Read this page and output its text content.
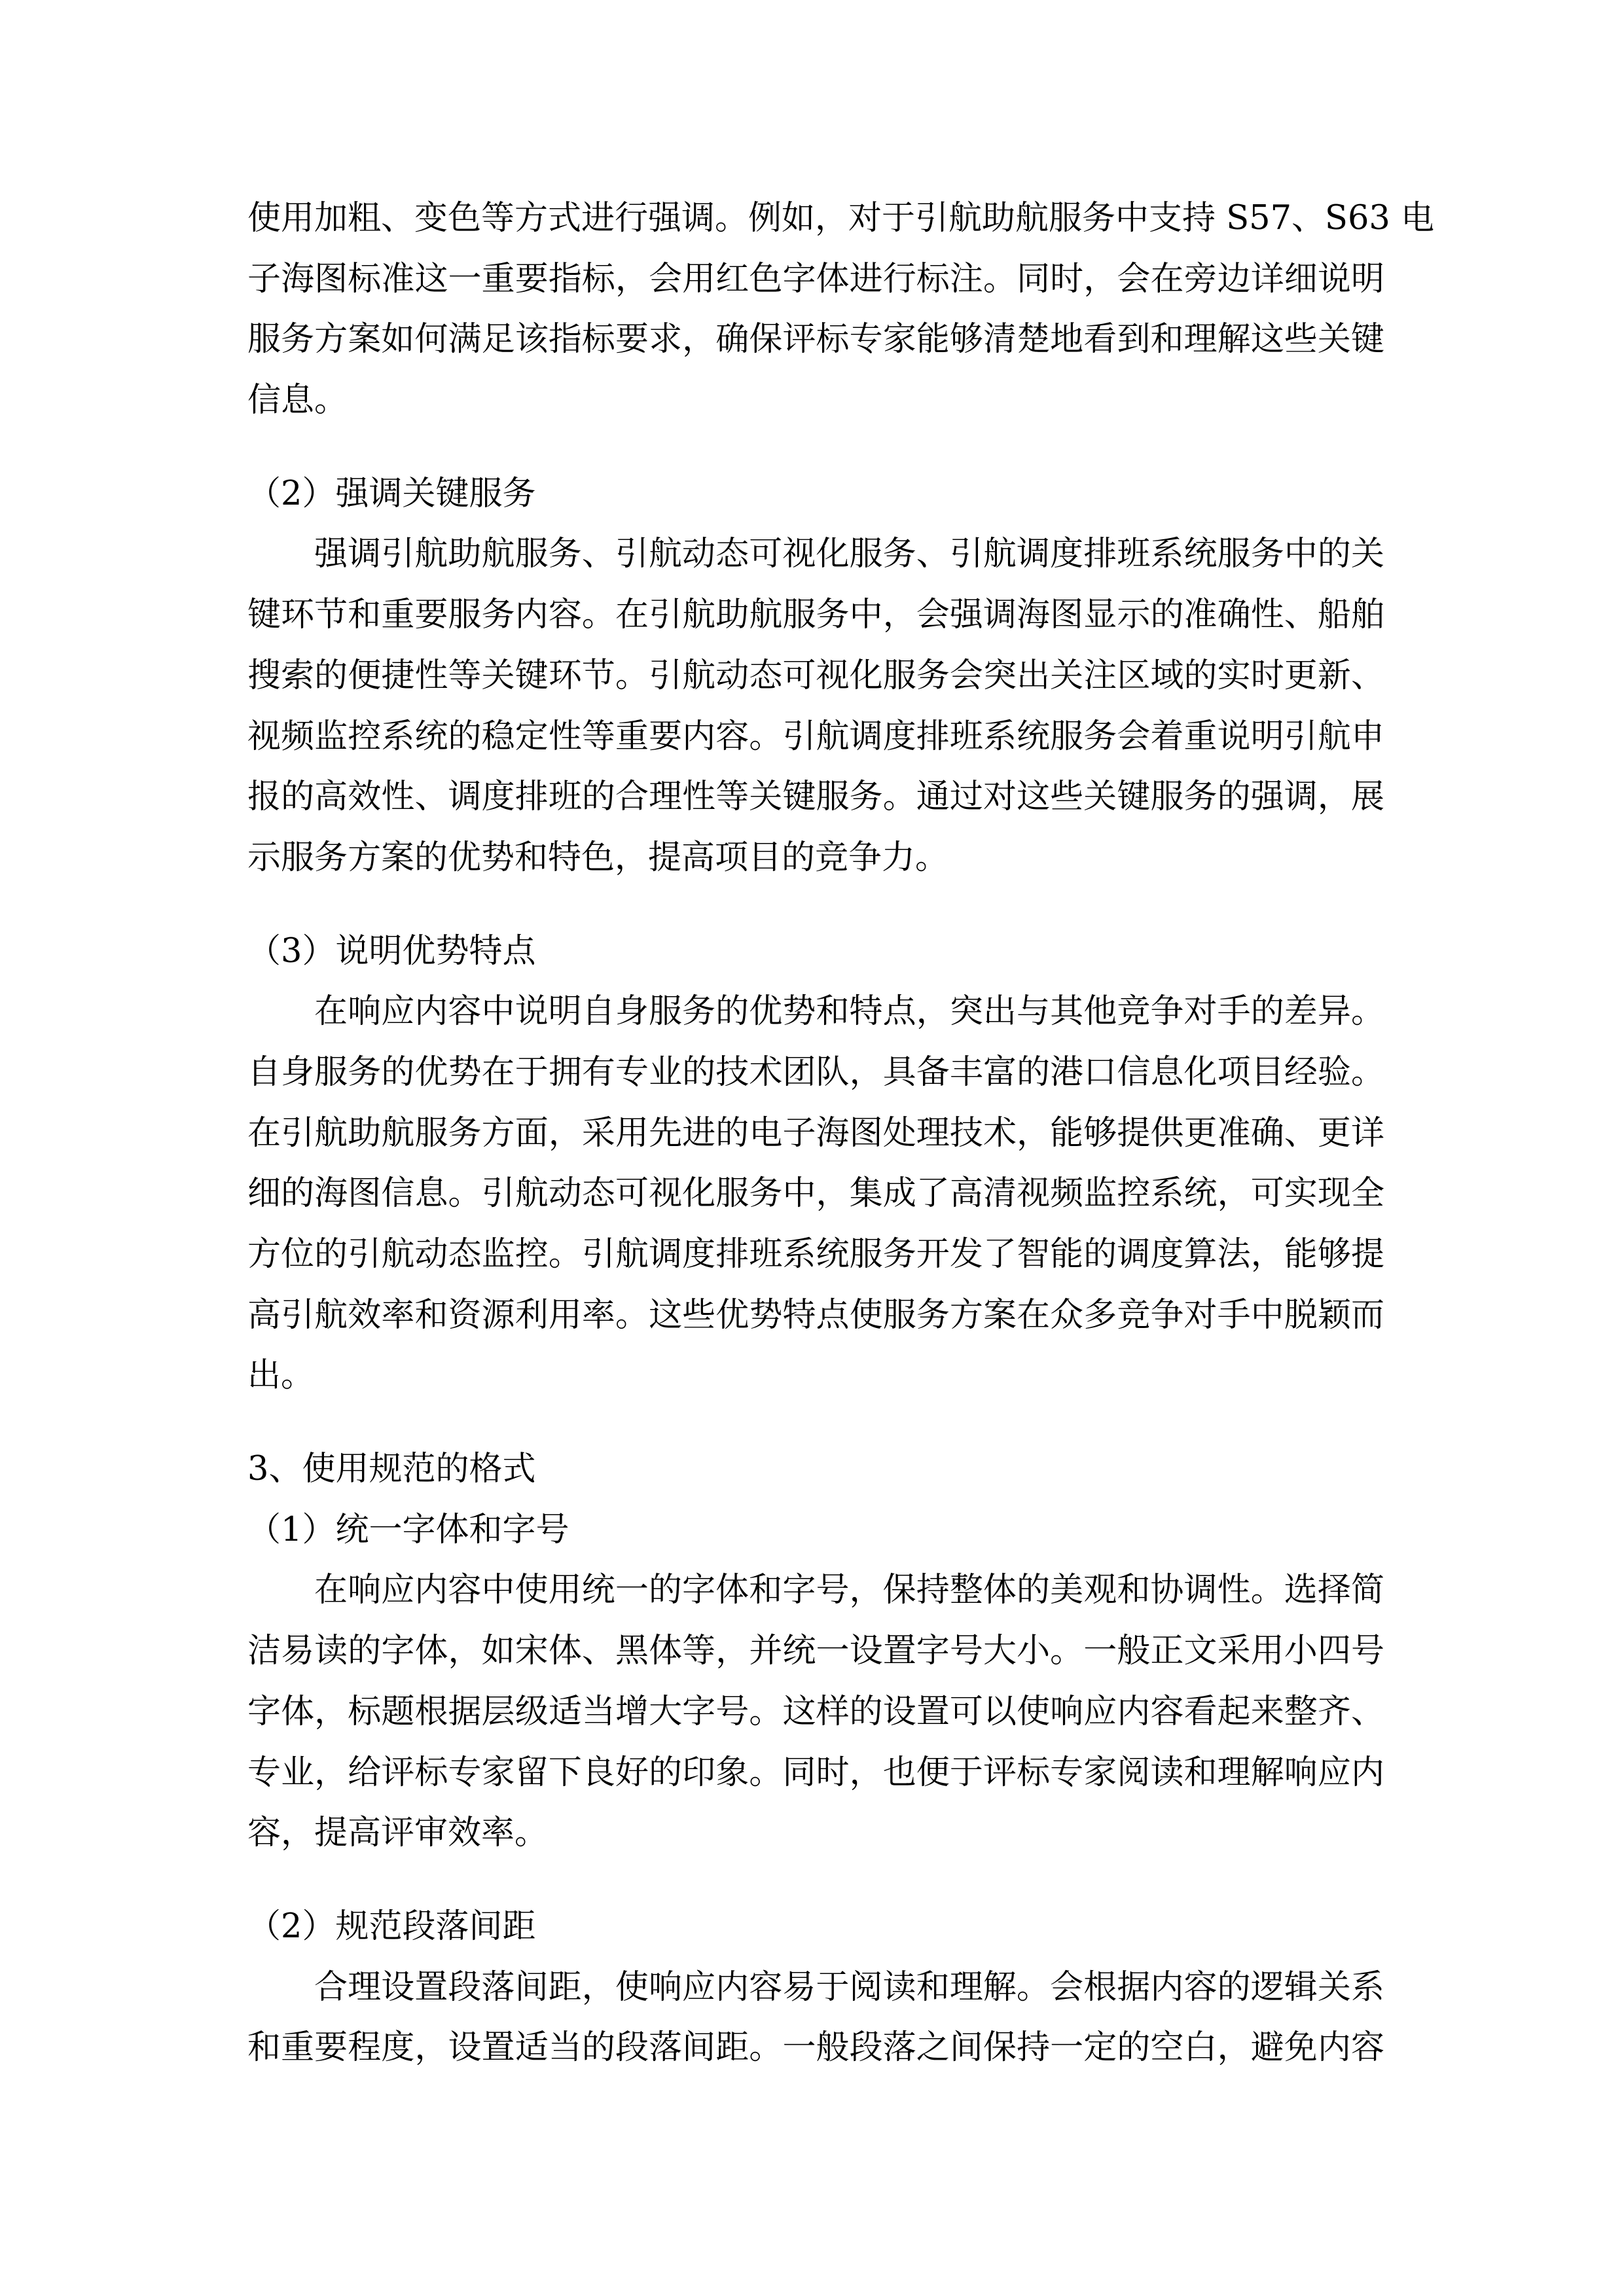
使用加粗、变色等方式进行强调。例如，对于引航助航服务中支持 S57、S63 电
子海图标准这一重要指标，会用红色字体进行标注。同时，会在旁边详细说明
服务方案如何满足该指标要求，确保评标专家能够清楚地看到和理解这些关键
信息。
（2）强调关键服务
强调引航助航服务、引航动态可视化服务、引航调度排班系统服务中的关
键环节和重要服务内容。在引航助航服务中，会强调海图显示的准确性、船舶
搜索的便捷性等关键环节。引航动态可视化服务会突出关注区域的实时更新、
视频监控系统的稳定性等重要内容。引航调度排班系统服务会着重说明引航申
报的高效性、调度排班的合理性等关键服务。通过对这些关键服务的强调，展
示服务方案的优势和特色，提高项目的竞争力。
（3）说明优势特点
在响应内容中说明自身服务的优势和特点，突出与其他竞争对手的差异。
自身服务的优势在于拥有专业的技术团队，具备丰富的港口信息化项目经验。
在引航助航服务方面，采用先进的电子海图处理技术，能够提供更准确、更详
细的海图信息。引航动态可视化服务中，集成了高清视频监控系统，可实现全
方位的引航动态监控。引航调度排班系统服务开发了智能的调度算法，能够提
高引航效率和资源利用率。这些优势特点使服务方案在众多竞争对手中脱颖而
出。
3、使用规范的格式
（1）统一字体和字号
在响应内容中使用统一的字体和字号，保持整体的美观和协调性。选择简
洁易读的字体，如宋体、黑体等，并统一设置字号大小。一般正文采用小四号
字体，标题根据层级适当增大字号。这样的设置可以使响应内容看起来整齐、
专业，给评标专家留下良好的印象。同时，也便于评标专家阅读和理解响应内
容，提高评审效率。
（2）规范段落间距
合理设置段落间距，使响应内容易于阅读和理解。会根据内容的逻辑关系
和重要程度，设置适当的段落间距。一般段落之间保持一定的空白，避免内容
